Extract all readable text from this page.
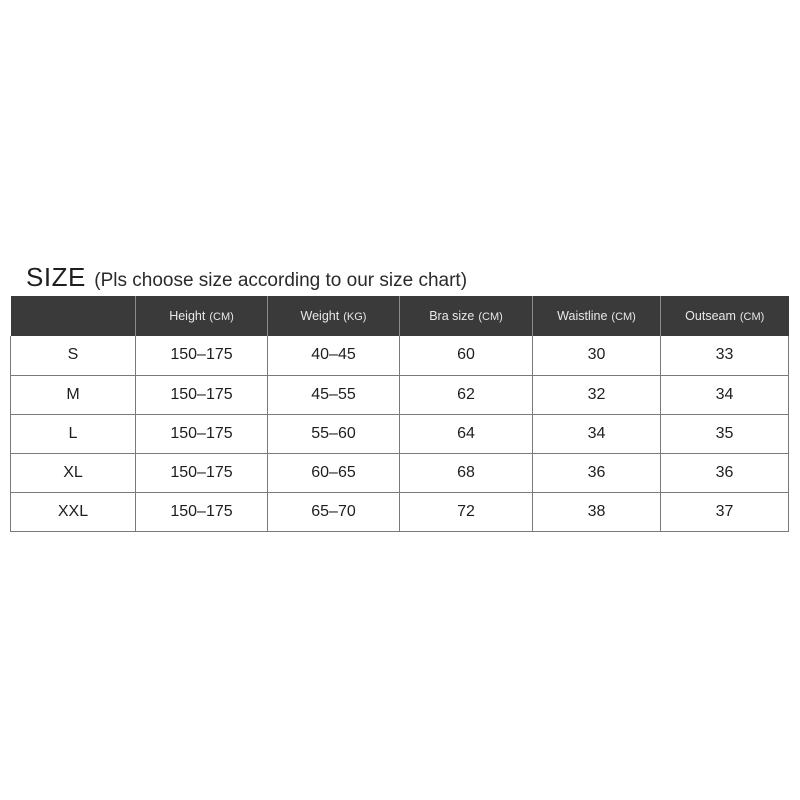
SIZE (Pls choose size according to our size chart)
	Height (CM)	Weight (KG)	Bra size (CM)	Waistline (CM)	Outseam (CM)
S	150–175	40–45	60	30	33
M	150–175	45–55	62	32	34
L	150–175	55–60	64	34	35
XL	150–175	60–65	68	36	36
XXL	150–175	65–70	72	38	37
